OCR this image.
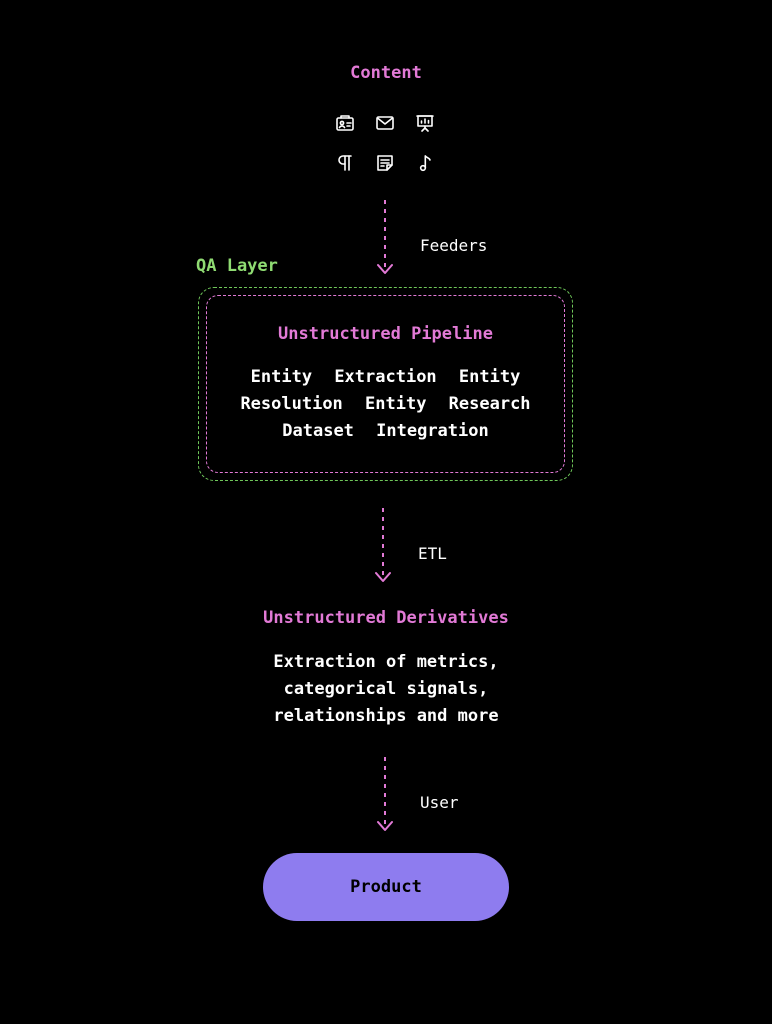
Content
Feeders
QA Layer
Unstructured Pipeline
Entity Extraction Entity Resolution Entity Research Dataset Integration
ETL
Unstructured Derivatives
Extraction of metrics, categorical signals, relationships and more
User
Product
